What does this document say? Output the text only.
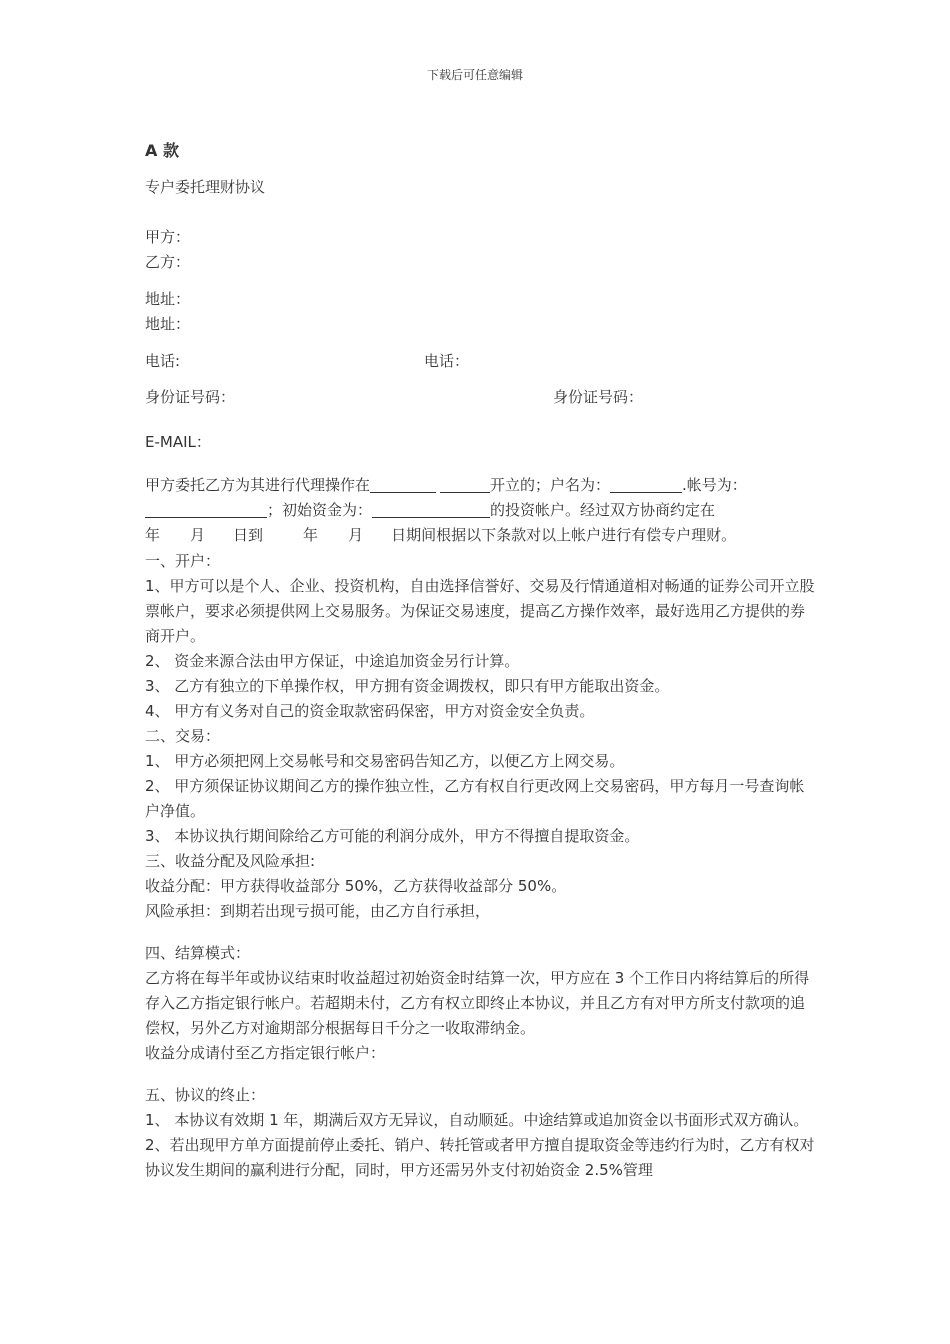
下载后可任意编辑
A 款
专户委托理财协议
甲方：
乙方：
地址：
地址：
电话:	电话：
身份证号码：	身份证号码：
E-MAIL：
甲方委托乙方为其进行代理操作在	开立的；户名为：	.帐号为：
；初始资金为：	的投资帐户。经过双方协商约定在
年 月 日到	年 月 日期间根据以下条款对以上帐户进行有偿专户理财。

一、开户：

1、甲方可以是个人、企业、投资机构，自由选择信誉好、交易及行情通道相对畅通的证券公司开立股票帐户，要求必须提供网上交易服务。为保证交易速度，提高乙方操作效率，最好选用乙方提供的券商开户。

2、 资金来源合法由甲方保证，中途追加资金另行计算。

3、 乙方有独立的下单操作权，甲方拥有资金调拨权，即只有甲方能取出资金。

4、 甲方有义务对自己的资金取款密码保密，甲方对资金安全负责。

二、交易：

1、 甲方必须把网上交易帐号和交易密码告知乙方，以便乙方上网交易。

2、 甲方须保证协议期间乙方的操作独立性，乙方有权自行更改网上交易密码，甲方每月一号查询帐户净值。

3、 本协议执行期间除给乙方可能的利润分成外，甲方不得擅自提取资金。

三、收益分配及风险承担:

收益分配：甲方获得收益部分 50%，乙方获得收益部分 50%。

风险承担：到期若出现亏损可能，由乙方自行承担，

四、结算模式：

乙方将在每半年或协议结束时收益超过初始资金时结算一次，甲方应在 3 个工作日内将结算后的所得存入乙方指定银行帐户。若超期未付，乙方有权立即终止本协议，并且乙方有对甲方所支付款项的追偿权，另外乙方对逾期部分根据每日千分之一收取滞纳金。

收益分成请付至乙方指定银行帐户：

五、协议的终止：

1、 本协议有效期 1 年，期满后双方无异议，自动顺延。中途结算或追加资金以书面形式双方确认。

2、若出现甲方单方面提前停止委托、销户、转托管或者甲方擅自提取资金等违约行为时，乙方有权对协议发生期间的赢利进行分配，同时，甲方还需另外支付初始资金 2.5%管理
